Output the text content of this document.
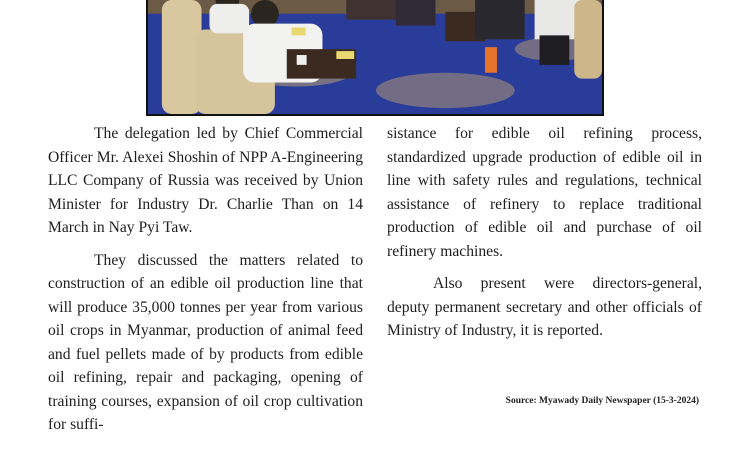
The delegation led by Chief Commercial Officer Mr. Alexei Shoshin of NPP A-Engineering LLC Company of Russia was received by Union Minister for Industry Dr. Charlie Than on 14 March in Nay Pyi Taw.

They discussed the matters related to construction of an edible oil production line that will produce 35,000 tonnes per year from various oil crops in Myanmar, production of animal feed and fuel pellets made of by products from edible oil refining, repair and packaging, opening of training courses, expansion of oil crop cultivation for suffi-

sistance for edible oil refining process, standardized upgrade production of edible oil in line with safety rules and regulations, technical assistance of refinery to replace traditional production of edible oil and purchase of oil refinery machines.

Also present were directors-general, deputy permanent secretary and other officials of Ministry of Industry, it is reported.

Source: Myawady Daily Newspaper (15-3-2024)
